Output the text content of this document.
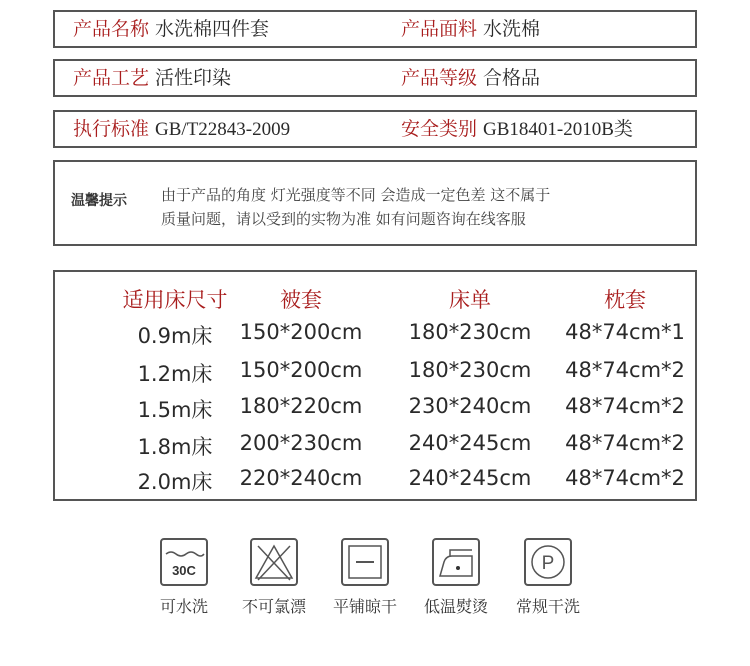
产品名称 水洗棉四件套	产品面料 水洗棉
产品工艺 活性印染	产品等级 合格品
执行标准 GB/T22843-2009	安全类别 GB18401-2010B类
温馨提示 由于产品的角度 灯光强度等不同 会造成一定色差 这不属于
质量问题，请以受到的实物为准 如有问题咨询在线客服
适用床尺寸	被套	床单	枕套
0.9m床	150*200cm	180*230cm	48*74cm*1
1.2m床	150*200cm	180*230cm	48*74cm*2
1.5m床	180*220cm	230*240cm	48*74cm*2
1.8m床	200*230cm	240*245cm	48*74cm*2
2.0m床	220*240cm	240*245cm	48*74cm*2
30C
可水洗	不可氯漂	平铺晾干	低温熨烫
P
常规干洗
